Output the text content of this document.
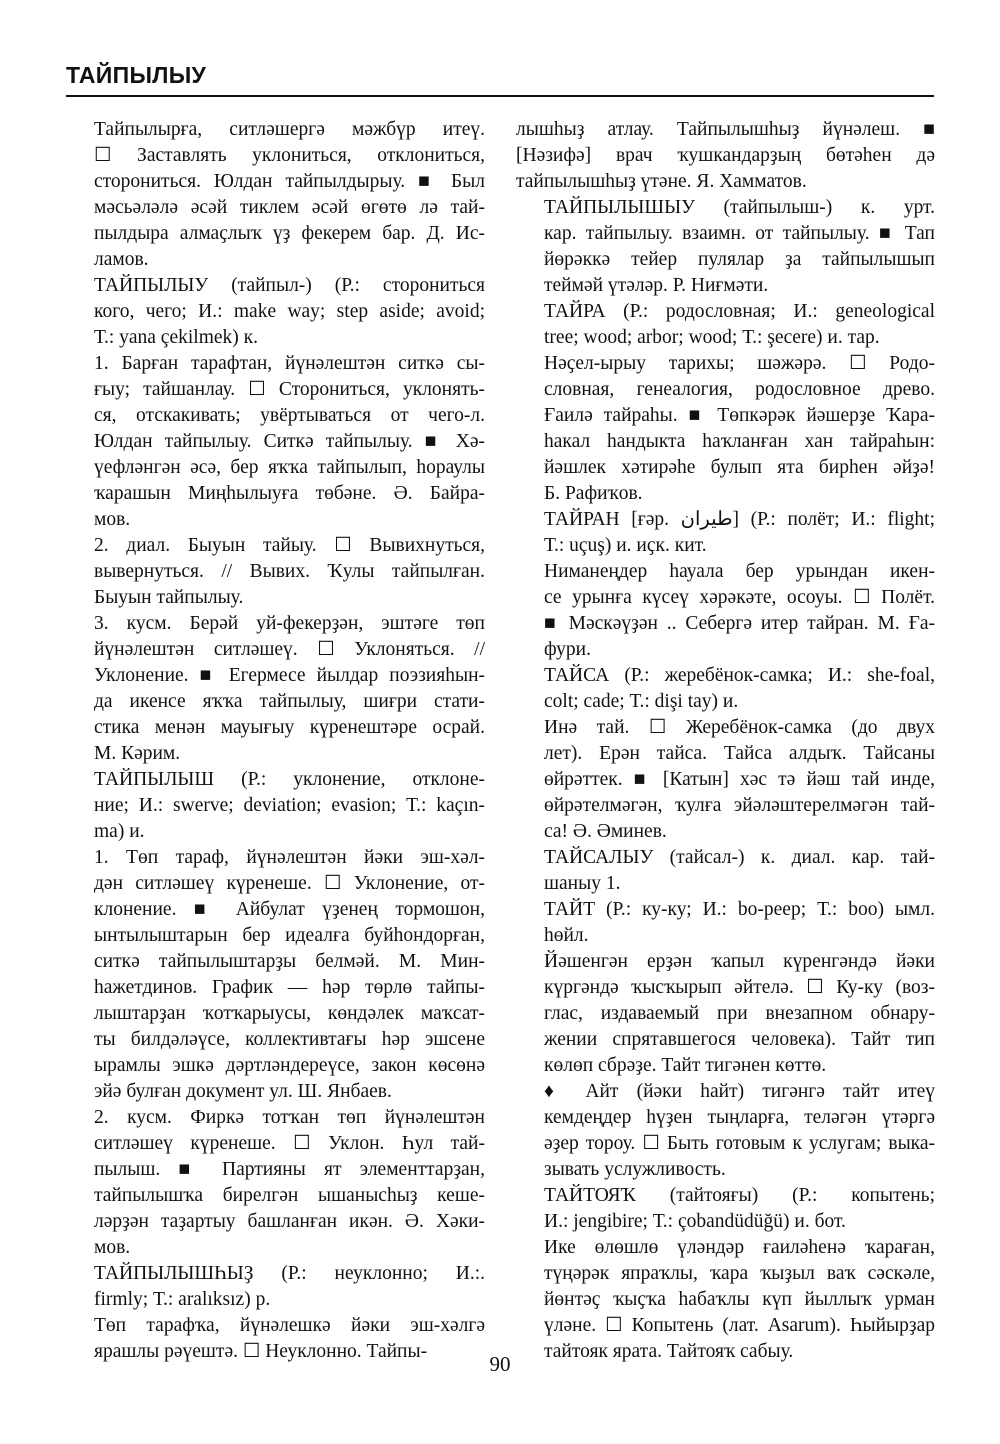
ТАЙПЫЛЫУ

Тайпылырға, ситләшергә мәжбүр итеү.
☐ Заставлять уклониться, отклониться,
сторониться. Юлдан тайпылдырыу. ■ Был
мәсьәләлә әсәй тиклем әсәй өгөтө лә тай-
пылдыра алмаҫлыҡ үҙ фекерем бар. Д. Ис-
ламов.

ТАЙПЫЛЫУ (тайпыл-) (Р.: сторониться
кого, чего; И.: make way; step aside; avoid;
Т.: yana çekilmek) к.

1. Барған тарафтан, йүнәлештән ситкә сы-
ғыу; тайшанлау. ☐ Сторониться, уклонять-
ся, отскакивать; увёртываться от чего-л.
Юлдан тайпылыу. Ситкә тайпылыу. ■ Хә-
үефләнгән әсә, бер яҡҡа тайпылып, һораулы
ҡарашын Миңһылыуға төбәне. Ә. Байра-
мов.

2. диал. Быуын тайыу. ☐ Вывихнуться,
вывернуться. // Вывих. Ҡулы тайпылған.
Быуын тайпылыу.

3. кусм. Берәй уй-фекерҙән, эштәге төп
йүнәлештән ситләшеү. ☐ Уклоняться. //
Уклонение. ■ Егермесе йылдар поэзияһын-
да икенсе яҡҡа тайпылыу, шиғри стати-
стика менән мауығыу күренештәре осрай.
М. Кәрим.

ТАЙПЫЛЫШ (Р.: уклонение, отклоне-
ние; И.: swerve; deviation; evasion; Т.: kaçın-
ma) и.

1. Төп тараф, йүнәлештән йәки эш-хәл-
дән ситләшеү күренеше. ☐ Уклонение, от-
клонение. ■ Айбулат үҙенең тормошон,
ынтылыштарын бер идеалға буйһондорған,
ситкә тайпылыштарҙы белмәй. М. Мин-
һажетдинов. График — һәр төрлө тайпы-
лыштарҙан ҡотҡарыусы, көндәлек маҡсат-
ты билдәләүсе, коллективтағы һәр эшсене
ырамлы эшкә дәртләндереүсе, закон көсөнә
эйә булған документ ул. Ш. Янбаев.

2. кусм. Фиркә тотҡан төп йүнәлештән
ситләшеү күренеше. ☐ Уклон. Һул тай-
пылыш. ■ Партияны ят элементтарҙан,
тайпылышҡа бирелгән ышанысһыҙ кеше-
ләрҙән таҙартыу башланған икән. Ә. Хәки-
мов.

ТАЙПЫЛЫШҺЫҘ (Р.: неуклонно; И.:.
firmly; Т.: aralıksız) р.

Төп тарафҡа, йүнәлешкә йәки эш-хәлгә
ярашлы рәүештә. ☐ Неуклонно. Тайпы-

лышһыҙ атлау. Тайпылышһыҙ йүнәлеш. ■
[Нәзифә] врач ҡушкандарҙың бөтәһен дә
тайпылышһыҙ үтәне. Я. Хамматов.

ТАЙПЫЛЫШЫУ (тайпылыш-) к. урт.
кар. тайпылыу. взаимн. от тайпылыу. ■ Тап
йөрәккә тейер пулялар ҙа тайпылышып
теймәй үтәләр. Р. Ниғмәти.

ТАЙРА (Р.: родословная; И.: geneological
tree; wood; arbor; wood; Т.: şecere) и. тар.

Нәҫел-ырыу тарихы; шәжәрә. ☐ Родо-
словная, генеалогия, родословное древо.
Ғаилә тайраһы. ■ Төпкәрәк йәшерҙе Ҡара-
һакал һандыкта һаҡланған хан тайраһын:
йәшлек хәтирәһе булып ята бирһен әйҙә!
Б. Рафиҡов.

ТАЙРАН [ғәр. طيران] (Р.: полёт; И.: flight;
Т.: uçuş) и. иҫк. кит.

Ниманеңдер һауала бер урындан икен-
се урынға күсеү хәрәкәте, осоуы. ☐ Полёт.
■ Мәскәүҙән .. Себергә итер тайран. М. Ға-
фури.

ТАЙСА (Р.: жеребёнок-самка; И.: she-foal,
colt; cade; Т.: dişi tay) и.

Инә тай. ☐ Жеребёнок-самка (до двух
лет). Ерән тайса. Тайса алдыҡ. Тайсаны
өйрәттек. ■ [Катын] хәс тә йәш тай инде,
өйрәтелмәгән, ҡулға эйәләштерелмәгән тай-
са! Ә. Әминев.

ТАЙСАЛЫУ (тайсал-) к. диал. кар. тай-
шаныу 1.

ТАЙТ (Р.: ку-ку; И.: bo-peep; Т.: boo) ымл.
һөйл.

Йәшенгән ерҙән ҡапыл күренгәндә йәки
күргәндә ҡысҡырып әйтелә. ☐ Ку-ку (воз-
глас, издаваемый при внезапном обнару-
жении спрятавшегося человека). Тайт тип
көлөп сбрәҙе. Тайт тигәнен көттө.

♦ Айт (йәки һайт) тигәнгә тайт итеү
кемдеңдер һүҙен тыңларға, теләгән үтәргә
әҙер тороу. ☐ Быть готовым к услугам; выка-
зывать услужливость.

ТАЙТОЯҠ (тайтояғы) (Р.: копытень;
И.: jengibire; Т.: çobandüdüğü) и. бот.

Ике өлөшлө үләндәр ғаиләһенә ҡараған,
түңәрәк япраҡлы, ҡара ҡыҙыл ваҡ сәскәле,
йөнтәҫ ҡыҫҡа һабаҡлы күп йыллыҡ урман
үләне. ☐ Копытень (лат. Asarum). Һыйырҙар
тайтояк ярата. Тайтояҡ сабыу.

90
